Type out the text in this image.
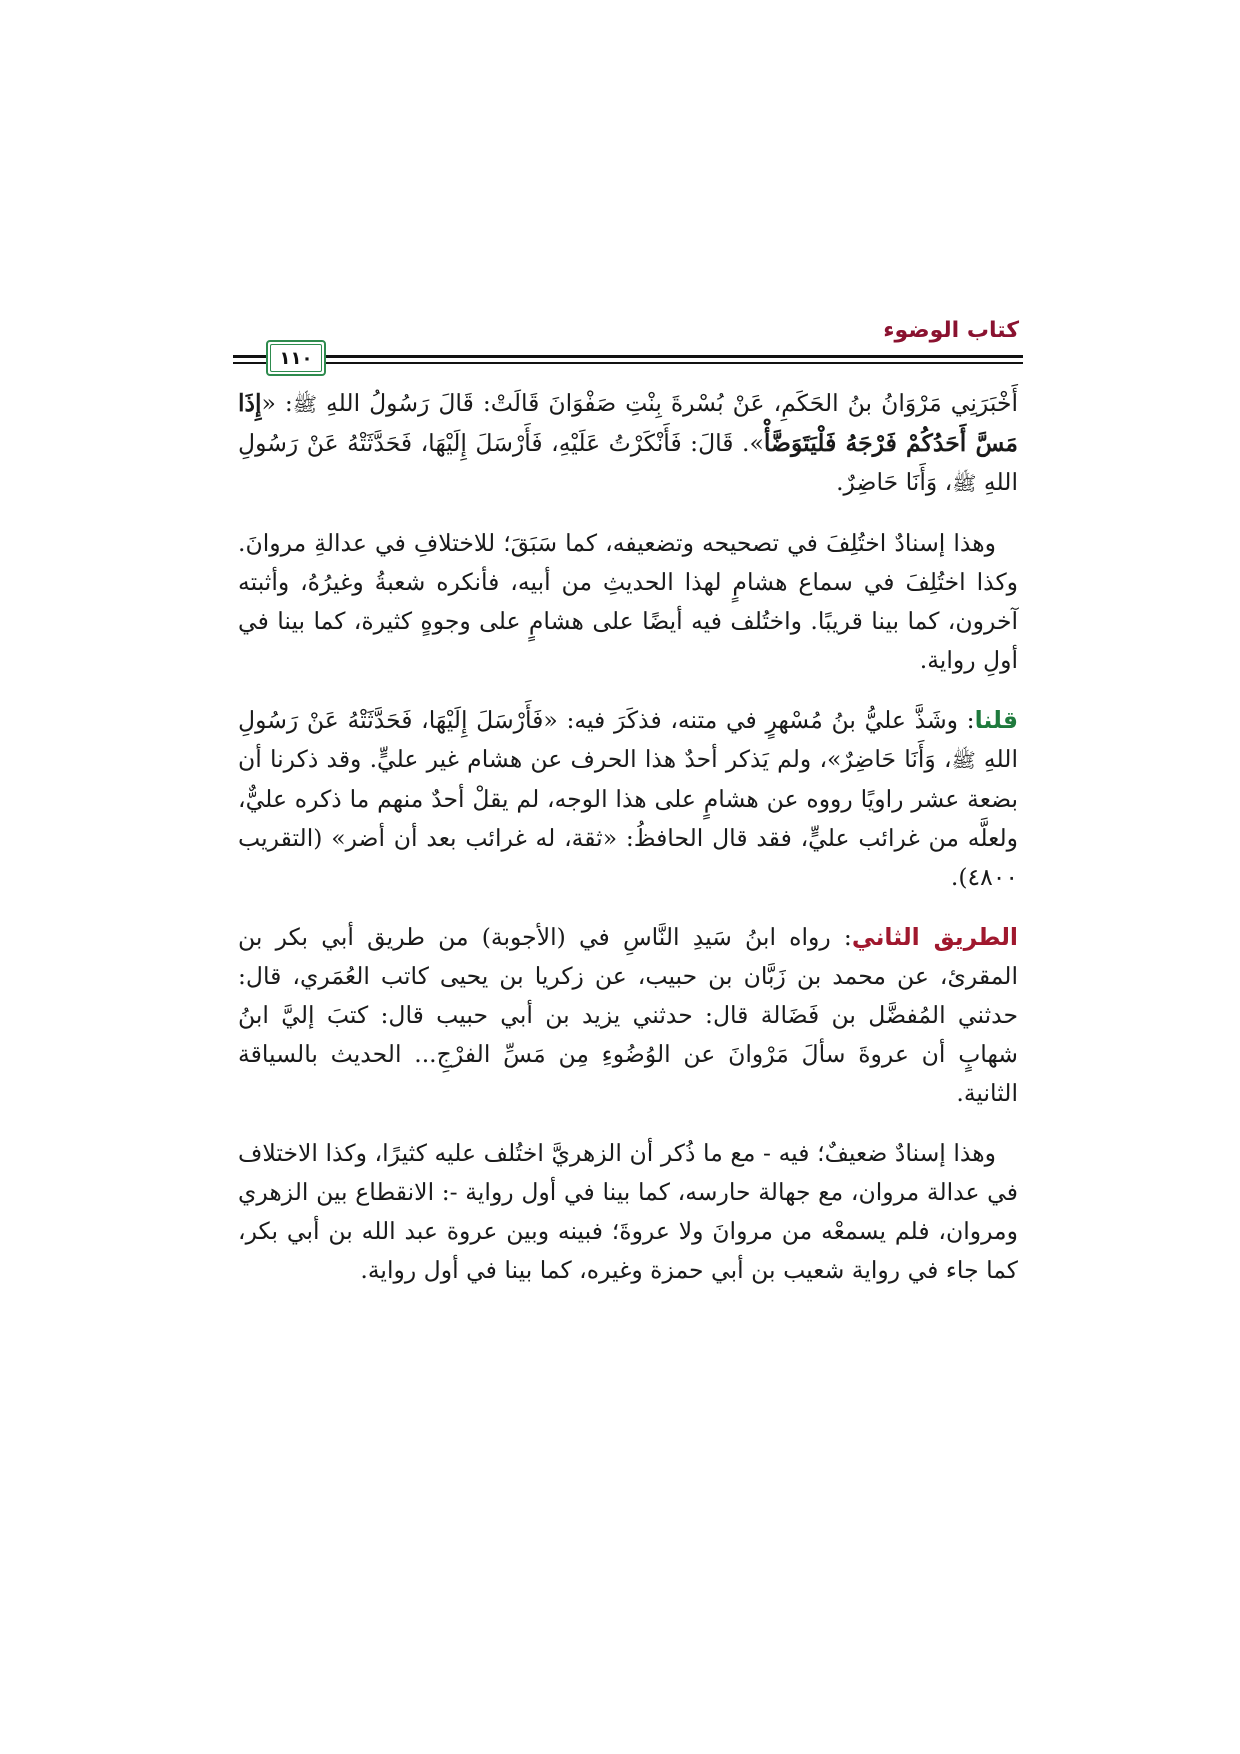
كتاب الوضوء
١١٠

أَخْبَرَنِي مَرْوَانُ بنُ الحَكَمِ، عَنْ بُسْرةَ بِنْتِ صَفْوَانَ قَالَتْ: قَالَ رَسُولُ اللهِ ﷺ: «إِذَا مَسَّ أَحَدُكُمْ فَرْجَهُ فَلْيَتَوَضَّأْ». قَالَ: فَأَنْكَرْتُ عَلَيْهِ، فَأَرْسَلَ إِلَيْهَا، فَحَدَّثَتْهُ عَنْ رَسُولِ اللهِ ﷺ، وَأَنَا حَاضِرٌ.

وهذا إسنادٌ اختُلِفَ في تصحيحه وتضعيفه، كما سَبَقَ؛ للاختلافِ في عدالةِ مروانَ. وكذا اختُلِفَ في سماع هشامٍ لهذا الحديثِ من أبيه، فأنكره شعبةُ وغيرُهُ، وأثبته آخرون، كما بينا قريبًا. واختُلف فيه أيضًا على هشامٍ على وجوهٍ كثيرة، كما بينا في أولِ رواية.

قلنا: وشَذَّ عليُّ بنُ مُسْهرٍ في متنه، فذكَرَ فيه: «فَأَرْسَلَ إِلَيْهَا، فَحَدَّثَتْهُ عَنْ رَسُولِ اللهِ ﷺ، وَأَنَا حَاضِرٌ»، ولم يَذكر أحدٌ هذا الحرف عن هشام غير عليٍّ. وقد ذكرنا أن بضعة عشر راويًا رووه عن هشامٍ على هذا الوجه، لم يقلْ أحدٌ منهم ما ذكره عليٌّ، ولعلَّه من غرائب عليٍّ، فقد قال الحافظُ: «ثقة، له غرائب بعد أن أضر» (التقريب ٤٨٠٠).

الطريق الثاني: رواه ابنُ سَيدِ النَّاسِ في (الأجوبة) من طريق أبي بكر بن المقرئ، عن محمد بن زَبَّان بن حبيب، عن زكريا بن يحيى كاتب العُمَري، قال: حدثني المُفضَّل بن فَضَالة قال: حدثني يزيد بن أبي حبيب قال: كتبَ إليَّ ابنُ شهابٍ أن عروةَ سألَ مَرْوانَ عن الوُضُوءِ مِن مَسِّ الفرْجِ... الحديث بالسياقة الثانية.

وهذا إسنادٌ ضعيفٌ؛ فيه - مع ما ذُكر أن الزهريَّ اختُلف عليه كثيرًا، وكذا الاختلاف في عدالة مروان، مع جهالة حارسه، كما بينا في أول رواية -: الانقطاع بين الزهري ومروان، فلم يسمعْه من مروانَ ولا عروةَ؛ فبينه وبين عروة عبد الله بن أبي بكر، كما جاء في رواية شعيب بن أبي حمزة وغيره، كما بينا في أول رواية.
